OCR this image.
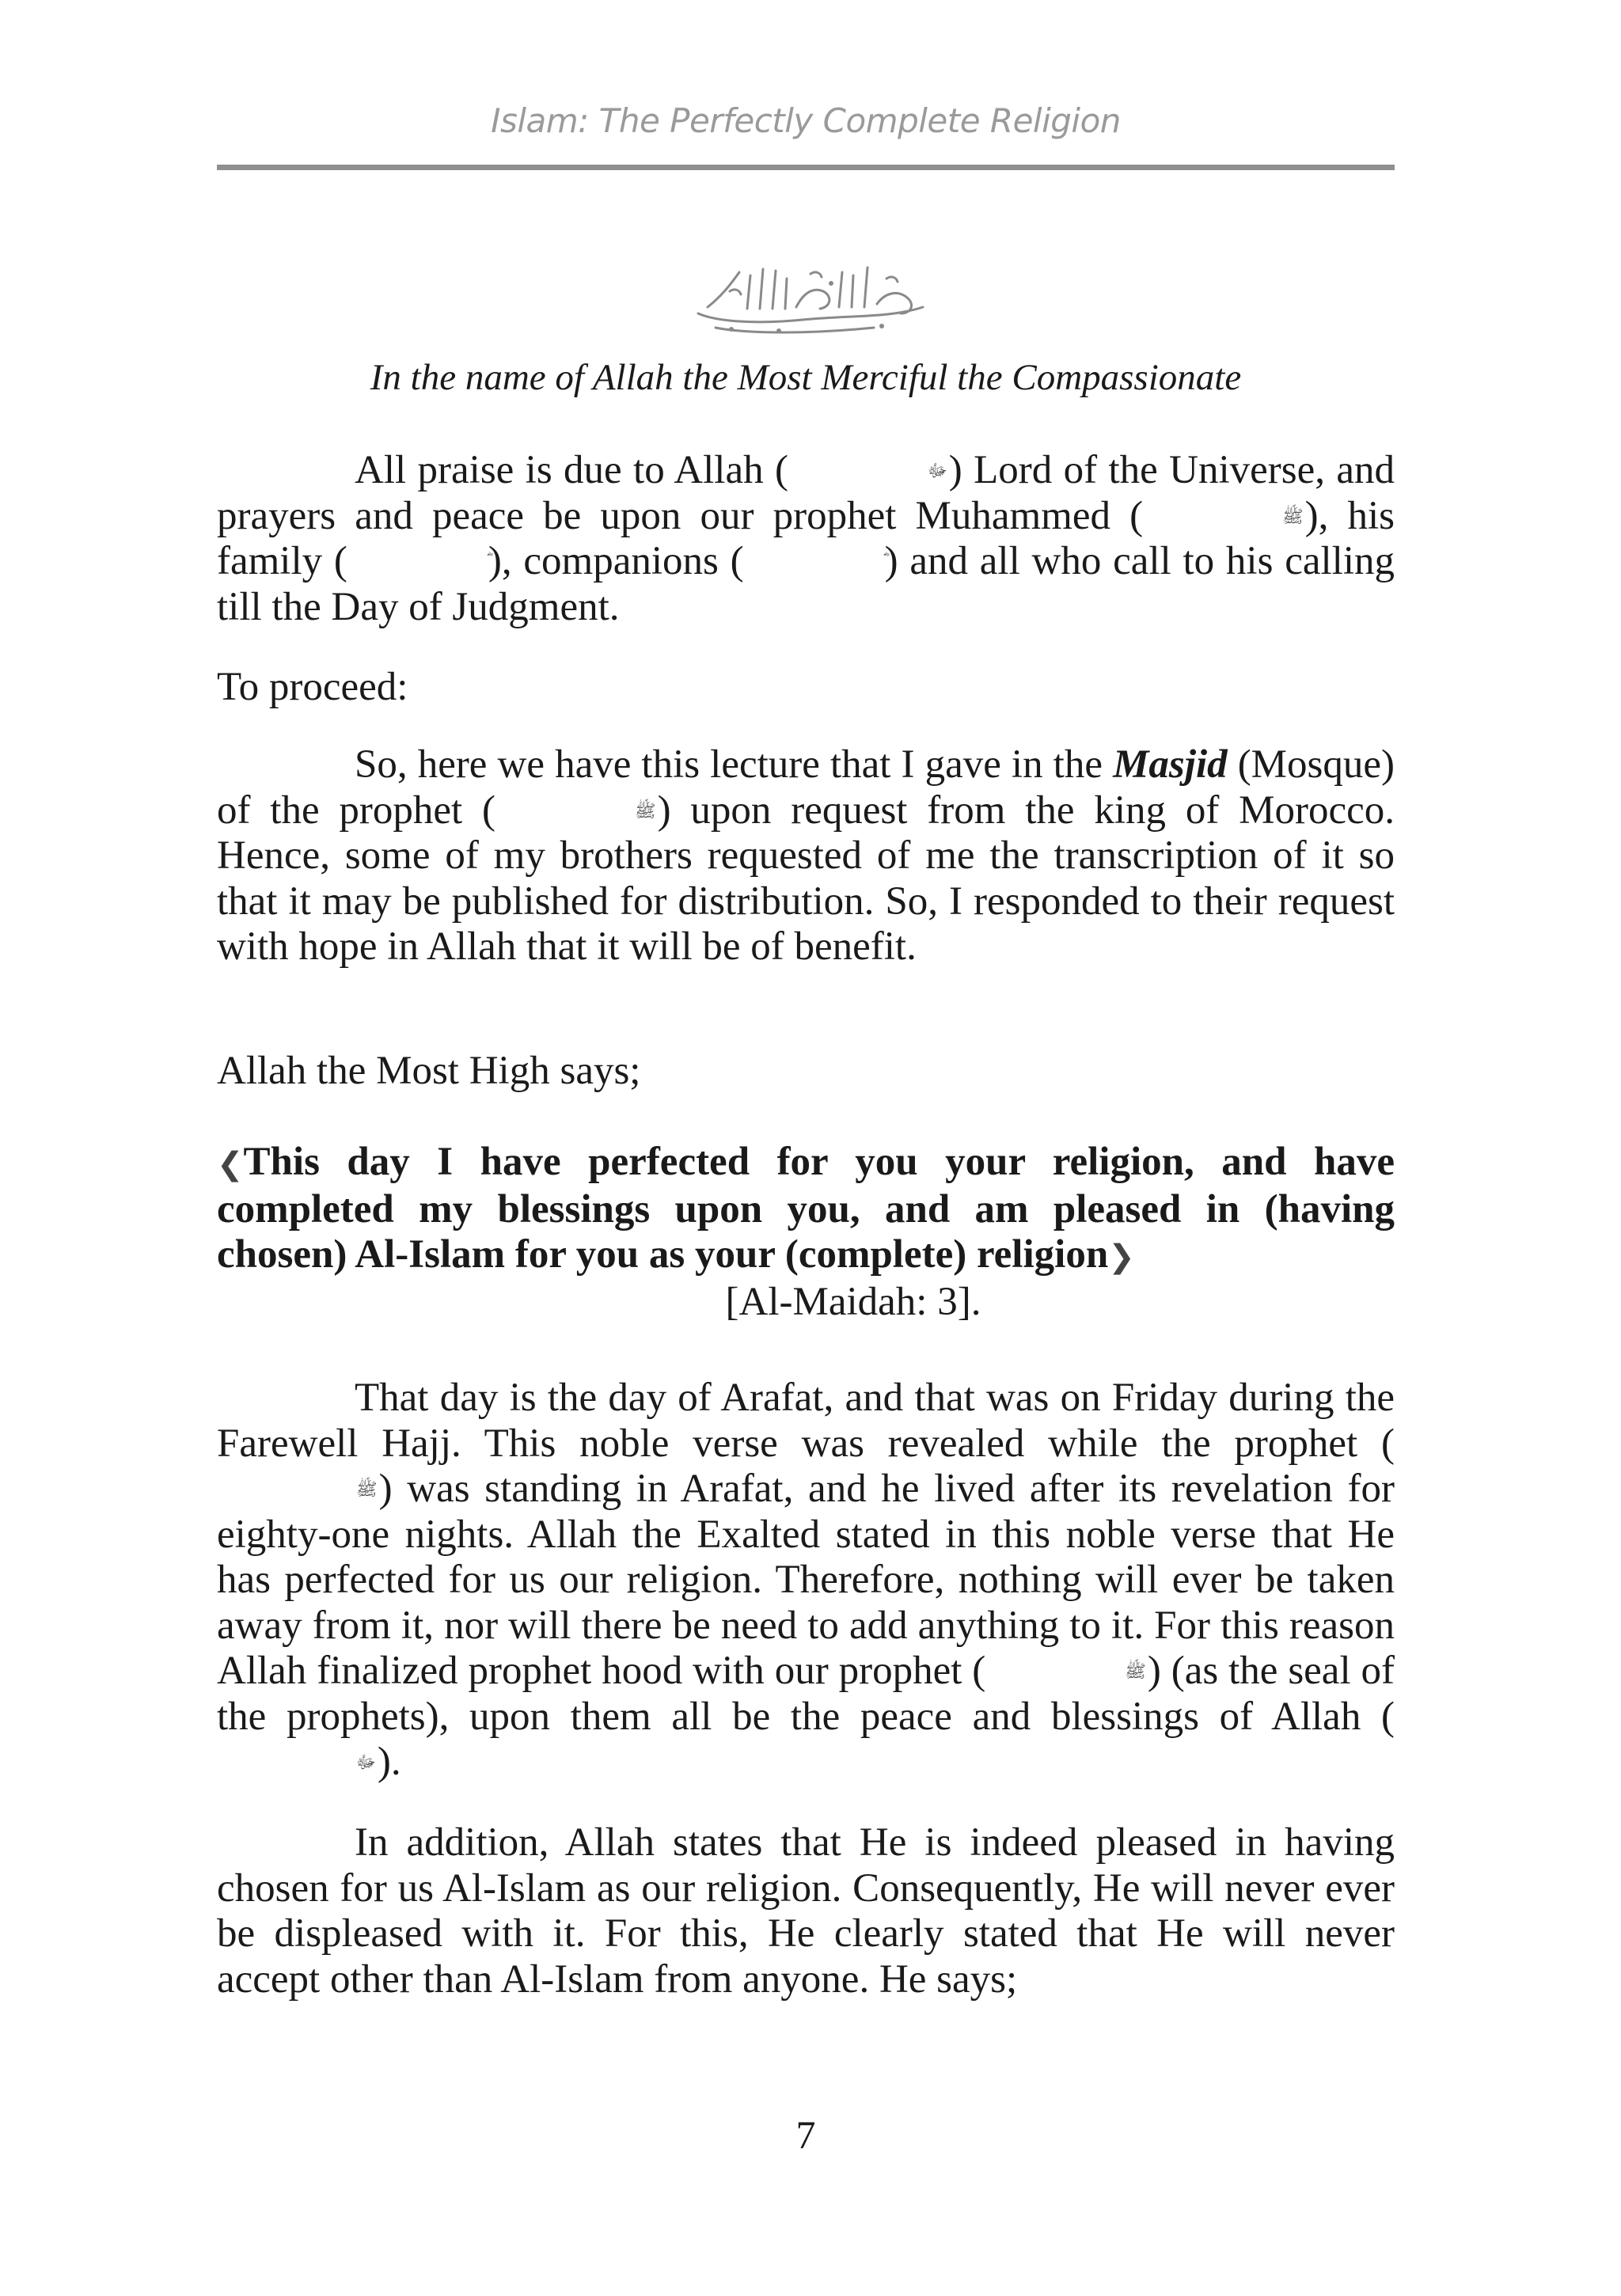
Islam: The Perfectly Complete Religion
In the name of Allah the Most Merciful the Compassionate

All praise is due to Allah (	ﷻ) Lord of the Universe, and prayers and peace be upon our prophet Muhammed (	ﷺ), his family (	), companions (	) and all who call to his calling till the Day of Judgment.

To proceed:

So, here we have this lecture that I gave in the Masjid (Mosque) of the prophet (	ﷺ) upon request from the king of Morocco. Hence, some of my brothers requested of me the transcription of it so that it may be published for distribution. So, I responded to their request with hope in Allah that it will be of benefit.

Allah the Most High says;

❮This day I have perfected for you your religion, and have completed my blessings upon you, and am pleased in (having chosen) Al-Islam for you as your (complete) religion❯

[Al-Maidah: 3].

That day is the day of Arafat, and that was on Friday during the Farewell Hajj. This noble verse was revealed while the prophet (ﷺ) was standing in Arafat, and he lived after its revelation for eighty-one nights. Allah the Exalted stated in this noble verse that He has perfected for us our religion. Therefore, nothing will ever be taken away from it, nor will there be need to add anything to it. For this reason Allah finalized prophet hood with our prophet (	ﷺ) (as the seal of the prophets), upon them all be the peace and blessings of Allah (ﷻ).

In addition, Allah states that He is indeed pleased in having chosen for us Al-Islam as our religion. Consequently, He will never ever be displeased with it. For this, He clearly stated that He will never accept other than Al-Islam from anyone. He says;

7
